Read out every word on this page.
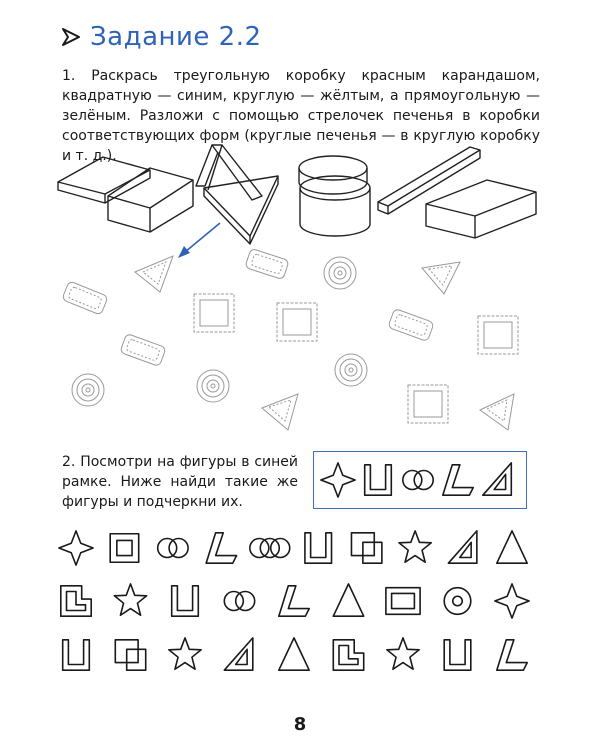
Задание 2.2
1. Раскрась треугольную коробку красным карандашом, квадратную — синим, круглую — жёлтым, а прямоугольную — зелёным. Разложи с помощью стрелочек печенья в коробки соответствующих форм (круглые печенья — в круглую коробку и т. д.).
2. Посмотри на фигуры в синей рамке. Ниже найди такие же фигуры и подчеркни их.
8
